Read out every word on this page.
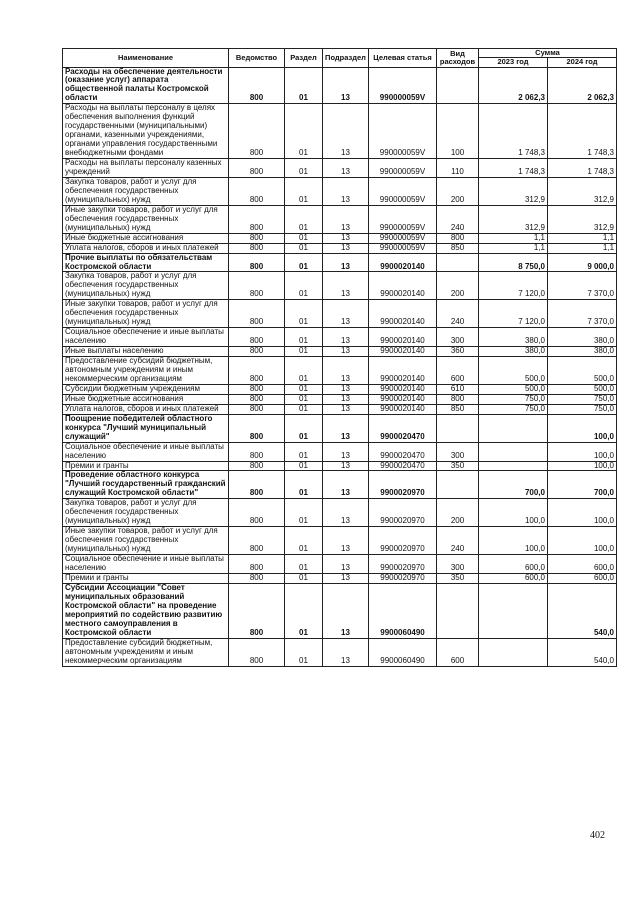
Наименование	Ведомство	Раздел	Подраздел	Целевая статья	Вид расходов	Сумма	
						2023 год	2024 год
Расходы на обеспечение деятельности (оказание услуг) аппарата общественной палаты Костромской области	800	01	13	990000059V		2 062,3	2 062,3
Расходы на выплаты персоналу в целях обеспечения выполнения функций государственными (муниципальными) органами, казенными учреждениями, органами управления государственными внебюджетными фондами	800	01	13	990000059V	100	1 748,3	1 748,3
Расходы на выплаты персоналу казенных учреждений	800	01	13	990000059V	110	1 748,3	1 748,3
Закупка товаров, работ и услуг для обеспечения государственных (муниципальных) нужд	800	01	13	990000059V	200	312,9	312,9
Иные закупки товаров, работ и услуг для обеспечения государственных (муниципальных) нужд	800	01	13	990000059V	240	312,9	312,9
Иные бюджетные ассигнования	800	01	13	990000059V	800	1,1	1,1
Уплата налогов, сборов и иных платежей	800	01	13	990000059V	850	1,1	1,1
Прочие выплаты по обязательствам Костромской области	800	01	13	9900020140		8 750,0	9 000,0
Закупка товаров, работ и услуг для обеспечения государственных (муниципальных) нужд	800	01	13	9900020140	200	7 120,0	7 370,0
Иные закупки товаров, работ и услуг для обеспечения государственных (муниципальных) нужд	800	01	13	9900020140	240	7 120,0	7 370,0
Социальное обеспечение и иные выплаты населению	800	01	13	9900020140	300	380,0	380,0
Иные выплаты населению	800	01	13	9900020140	360	380,0	380,0
Предоставление субсидий бюджетным, автономным учреждениям и иным некоммерческим организациям	800	01	13	9900020140	600	500,0	500,0
Субсидии бюджетным учреждениям	800	01	13	9900020140	610	500,0	500,0
Иные бюджетные ассигнования	800	01	13	9900020140	800	750,0	750,0
Уплата налогов, сборов и иных платежей	800	01	13	9900020140	850	750,0	750,0
Поощрение победителей областного конкурса "Лучший муниципальный служащий"	800	01	13	9900020470			100,0
Социальное обеспечение и иные выплаты населению	800	01	13	9900020470	300		100,0
Премии и гранты	800	01	13	9900020470	350		100,0
Проведение областного конкурса "Лучший государственный гражданский служащий Костромской области"	800	01	13	9900020970		700,0	700,0
Закупка товаров, работ и услуг для обеспечения государственных (муниципальных) нужд	800	01	13	9900020970	200	100,0	100,0
Иные закупки товаров, работ и услуг для обеспечения государственных (муниципальных) нужд	800	01	13	9900020970	240	100,0	100,0
Социальное обеспечение и иные выплаты населению	800	01	13	9900020970	300	600,0	600,0
Премии и гранты	800	01	13	9900020970	350	600,0	600,0
Субсидии Ассоциации "Совет муниципальных образований Костромской области" на проведение мероприятий по содействию развитию местного самоуправления в Костромской области	800	01	13	9900060490			540,0
Предоставление субсидий бюджетным, автономным учреждениям и иным некоммерческим организациям	800	01	13	9900060490	600		540,0
402
